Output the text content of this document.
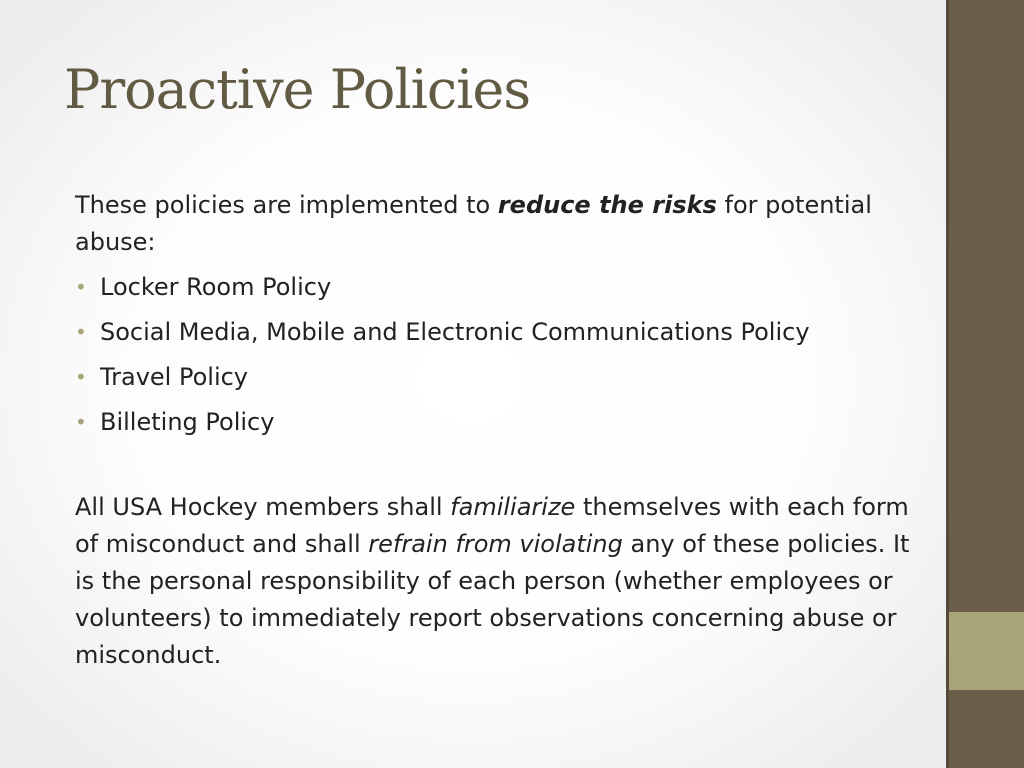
Proactive Policies

These policies are implemented to reduce the risks for potential abuse:

• Locker Room Policy
• Social Media, Mobile and Electronic Communications Policy
• Travel Policy
• Billeting Policy

All USA Hockey members shall familiarize themselves with each form of misconduct and shall refrain from violating any of these policies. It is the personal responsibility of each person (whether employees or volunteers) to immediately report observations concerning abuse or misconduct.
